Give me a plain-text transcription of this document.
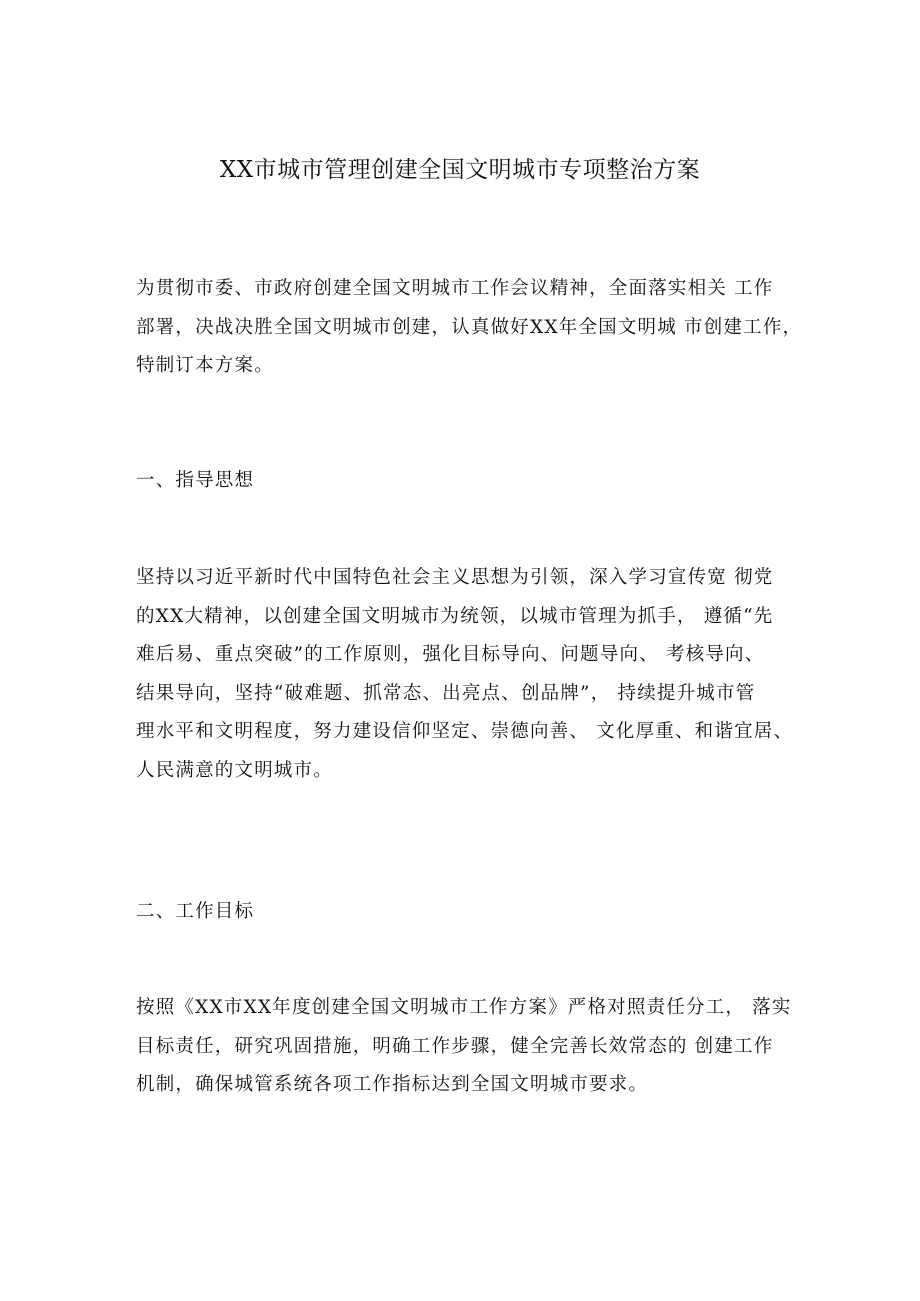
XX市城市管理创建全国文明城市专项整治方案

为贯彻市委、市政府创建全国文明城市工作会议精神，全面落实相关 工作
部署，决战决胜全国文明城市创建，认真做好XX年全国文明城 市创建工作，
特制订本方案。

一、指导思想

坚持以习近平新时代中国特色社会主义思想为引领，深入学习宣传宽 彻党
的XX大精神，以创建全国文明城市为统领，以城市管理为抓手， 遵循“先
难后易、重点突破”的工作原则，强化目标导向、问题导向、 考核导向、
结果导向，坚持“破难题、抓常态、出亮点、创品牌”， 持续提升城市管
理水平和文明程度，努力建设信仰坚定、崇德向善、 文化厚重、和谐宜居、
人民满意的文明城市。

二、工作目标

按照《XX市XX年度创建全国文明城市工作方案》严格对照责任分工， 落实
目标责任，研究巩固措施，明确工作步骤，健全完善长效常态的 创建工作
机制，确保城管系统各项工作指标达到全国文明城市要求。
